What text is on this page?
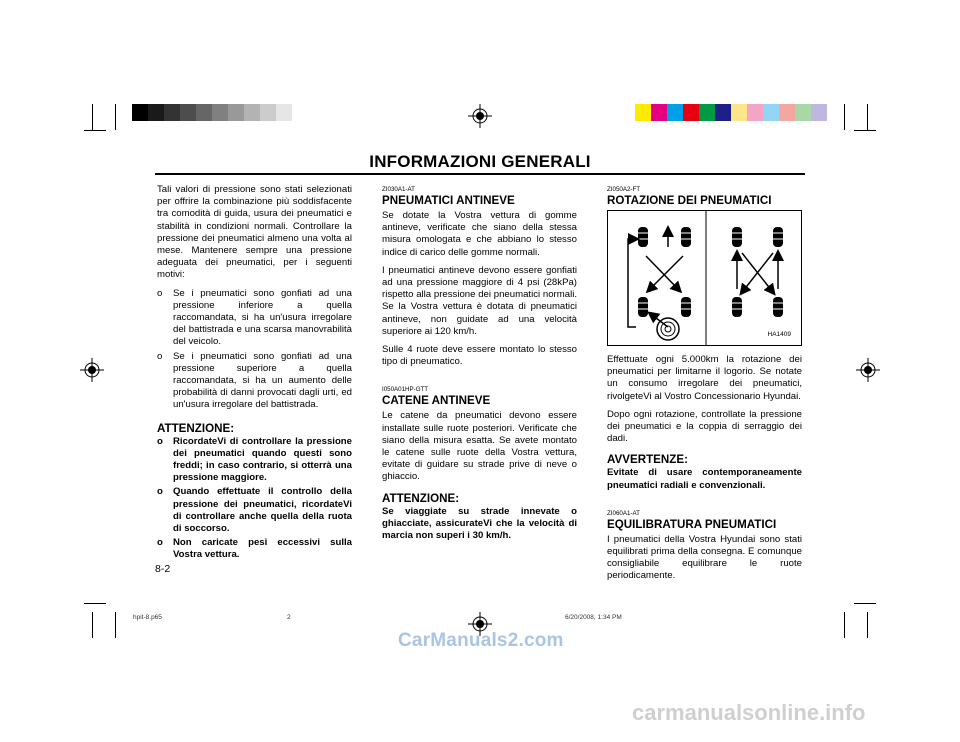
INFORMAZIONI GENERALI

Tali valori di pressione sono stati selezionati per offrire la combinazione più soddisfacente tra comodità di guida, usura dei pneumatici e stabilità in condizioni normali. Controllare la pressione dei pneumatici almeno una volta al mese. Mantenere sempre una pressione adeguata dei pneumatici, per i seguenti motivi:

o Se i pneumatici sono gonfiati ad una pressione inferiore a quella raccomandata, si ha un'usura irregolare del battistrada e una scarsa manovrabilità del veicolo.
o Se i pneumatici sono gonfiati ad una pressione superiore a quella raccomandata, si ha un aumento delle probabilità di danni provocati dagli urti, ed un'usura irregolare del battistrada.
ATTENZIONE:
o RicordateVi di controllare la pressione dei pneumatici quando questi sono freddi; in caso contrario, si otterrà una pressione maggiore.
o Quando effettuate il controllo della pressione dei pneumatici, ricordateVi di controllare anche quella della ruota di soccorso.
o Non caricate pesi eccessivi sulla Vostra vettura.
ZI030A1-AT
PNEUMATICI ANTINEVE

Se dotate la Vostra vettura di gomme antineve, verificate che siano della stessa misura omologata e che abbiano lo stesso indice di carico delle gomme normali.

I pneumatici antineve devono essere gonfiati ad una pressione maggiore di 4 psi (28kPa) rispetto alla pressione dei pneumatici normali. Se la Vostra vettura è dotata di pneumatici antineve, non guidate ad una velocità superiore ai 120 km/h.

Sulle 4 ruote deve essere montato lo stesso tipo di pneumatico.

I050A01HP-GTT
CATENE ANTINEVE

Le catene da pneumatici devono essere installate sulle ruote posteriori. Verificate che siano della misura esatta. Se avete montato le catene sulle ruote della Vostra vettura, evitate di guidare su strade prive di neve o ghiaccio.

ATTENZIONE:

Se viaggiate su strade innevate o ghiacciate, assicurateVi che la velocità di marcia non superi i 30 km/h.

ZI050A2-FT
ROTAZIONE DEI PNEUMATICI
HA1409

Effettuate ogni 5.000km la rotazione dei pneumatici per limitarne il logorio. Se notate un consumo irregolare dei pneumatici, rivolgeteVi al Vostro Concessionario Hyundai.

Dopo ogni rotazione, controllate la pressione dei pneumatici e la coppia di serraggio dei dadi.

AVVERTENZE:

Evitate di usare contemporaneamente pneumatici radiali e convenzionali.

ZI060A1-AT
EQUILIBRATURA PNEUMATICI

I pneumatici della Vostra Hyundai sono stati equilibrati prima della consegna. E comunque consigliabile equilibrare le ruote periodicamente.

8-2
hpit-8.p65	2	6/20/2008, 1:34 PM
CarManuals2.com
carmanualsonline.info
